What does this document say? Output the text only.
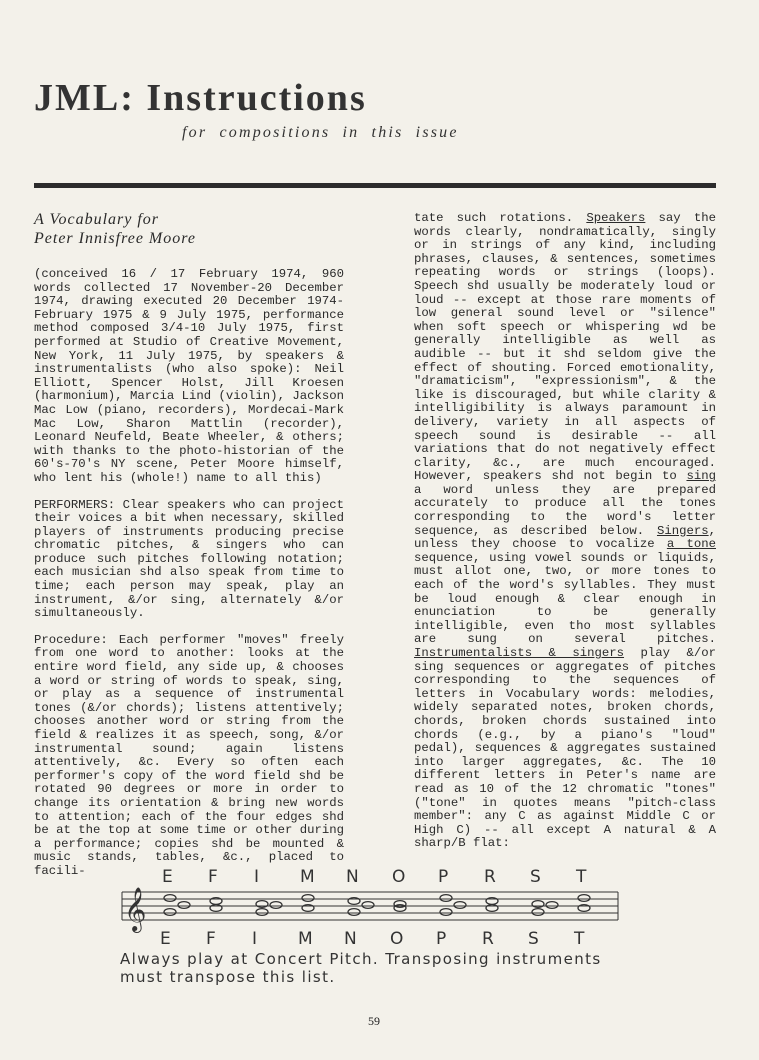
JML: Instructions
for compositions in this issue
A Vocabulary for
Peter Innisfree Moore

(conceived 16 / 17 February 1974, 960 words collected 17 November-20 December 1974, drawing executed 20 December 1974-February 1975 & 9 July 1975, performance method composed 3/4-10 July 1975, first performed at Studio of Creative Movement, New York, 11 July 1975, by speakers & instrumentalists (who also spoke): Neil Elliott, Spencer Holst, Jill Kroesen (harmonium), Marcia Lind (violin), Jackson Mac Low (piano, recorders), Mordecai-Mark Mac Low, Sharon Mattlin (recorder), Leonard Neufeld, Beate Wheeler, & others; with thanks to the photo-historian of the 60's-70's NY scene, Peter Moore himself, who lent his (whole!) name to all this)

PERFORMERS: Clear speakers who can project their voices a bit when necessary, skilled players of instruments producing precise chromatic pitches, & singers who can produce such pitches following notation; each musician shd also speak from time to time; each person may speak, play an instrument, &/or sing, alternately &/or simultaneously.

Procedure: Each performer "moves" freely from one word to another: looks at the entire word field, any side up, & chooses a word or string of words to speak, sing, or play as a sequence of instrumental tones (&/or chords); listens attentively; chooses another word or string from the field & realizes it as speech, song, &/or instrumental sound; again listens attentively, &c. Every so often each performer's copy of the word field shd be rotated 90 degrees or more in order to change its orientation & bring new words to attention; each of the four edges shd be at the top at some time or other during a performance; copies shd be mounted & music stands, tables, &c., placed to facili-

tate such rotations. Speakers say the words clearly, nondramatically, singly or in strings of any kind, including phrases, clauses, & sentences, sometimes repeating words or strings (loops). Speech shd usually be moderately loud or loud -- except at those rare moments of low general sound level or "silence" when soft speech or whispering wd be generally intelligible as well as audible -- but it shd seldom give the effect of shouting. Forced emotionality, "dramaticism", "expressionism", & the like is discouraged, but while clarity & intelligibility is always paramount in delivery, variety in all aspects of speech sound is desirable -- all variations that do not negatively effect clarity, &c., are much encouraged. However, speakers shd not begin to sing a word unless they are prepared accurately to produce all the tones corresponding to the word's letter sequence, as described below. Singers, unless they choose to vocalize a tone sequence, using vowel sounds or liquids, must allot one, two, or more tones to each of the word's syllables. They must be loud enough & clear enough in enunciation to be generally intelligible, even tho most syllables are sung on several pitches. Instrumentalists & singers play &/or sing sequences or aggregates of pitches corresponding to the sequences of letters in Vocabulary words: melodies, widely separated notes, broken chords, chords, broken chords sustained into chords (e.g., by a piano's "loud" pedal), sequences & aggregates sustained into larger aggregates, &c. The 10 different letters in Peter's name are read as 10 of the 12 chromatic "tones" ("tone" in quotes means "pitch-class member": any C as against Middle C or High C) -- all except A natural & A sharp/B flat:

𝄞
E
E
F
F
I
I
M
M
N
N
O
O
P
P
R
R
S
S
T
T
Always play at Concert Pitch. Transposing instruments
must transpose this list.
59
